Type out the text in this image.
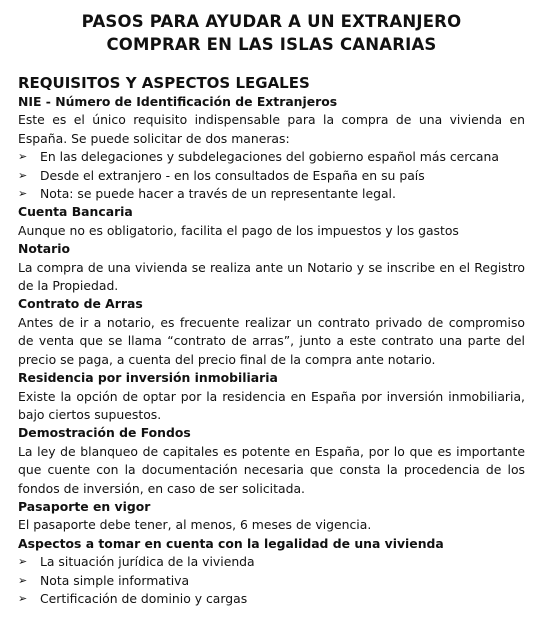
PASOS PARA AYUDAR A UN EXTRANJERO
COMPRAR EN LAS ISLAS CANARIAS
REQUISITOS Y ASPECTOS LEGALES
NIE - Número de Identificación de Extranjeros
Este es el único requisito indispensable para la compra de una vivienda en España. Se puede solicitar de dos maneras:
➢	En las delegaciones y subdelegaciones del gobierno español más cercana
➢	Desde el extranjero - en los consultados de España en su país
➢	Nota: se puede hacer a través de un representante legal.
Cuenta Bancaria
Aunque no es obligatorio, facilita el pago de los impuestos y los gastos
Notario
La compra de una vivienda se realiza ante un Notario y se inscribe en el Registro de la Propiedad.
Contrato de Arras
Antes de ir a notario, es frecuente realizar un contrato privado de compromiso de venta que se llama “contrato de arras”, junto a este contrato una parte del precio se paga, a cuenta del precio final de la compra ante notario.
Residencia por inversión inmobiliaria
Existe la opción de optar por la residencia en España por inversión inmobiliaria, bajo ciertos supuestos.
Demostración de Fondos
La ley de blanqueo de capitales es potente en España, por lo que es importante que cuente con la documentación necesaria que consta la procedencia de los fondos de inversión, en caso de ser solicitada.
Pasaporte en vigor
El pasaporte debe tener, al menos, 6 meses de vigencia.
Aspectos a tomar en cuenta con la legalidad de una vivienda
➢	La situación jurídica de la vivienda
➢	Nota simple informativa
➢	Certificación de dominio y cargas
